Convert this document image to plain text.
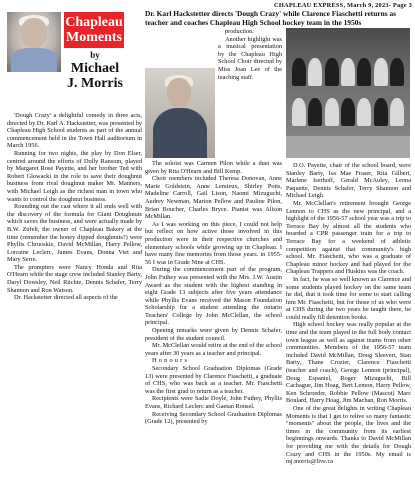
CHAPLEAU EXPRESS, March 9, 2023- Page 3
Chapleau Moments
by
Michael J. Morris
Dr. Karl Hackstetter directs 'Dough Crazy' while Clarence Fiaschetti returns as teacher and coaches Chapleau High School hockey team in the 1950s

'Dough Crazy' a delightful comedy in three acts, directed by Dr. Karl A. Hackstetter, was presented by Chapleau High School students as part of the annual commencement held in the Town Hall auditorium in March 1956.

Running for two nights, the play by Don Elser, centred around the efforts of Dolly Ransom, played by Margaret Rose Payette, and her brother Ted with Robert Glowacki in the role to save their doughnut business from rival doughnut maker Mr. Manners, with Michael Leigh as the richest man in town who wants to control the doughnut business.

Rounding out the cast where it all ends well with the discovery of the formula for Giant Doughnuts which saves the business, and were actually made by B.W. Zufelt, the owner of Chapleau Bakery at the time (remember the honey dipped doughnuts?) were Phyllis Chruoskie, David McMillan, Harry Pellow, Lorraine Leclerc, James Evans, Donna Viet and Mary Serre.

The prompters were Nancy Honda and Rita O'Hearn while the stage crew included Stanley Barty, Daryl Dowsley, Neil Ritchie, Dennis Schafer, Terry Shannon and Ron Watson.

Dr. Hackstetter directed all aspects of the

production.

Another highlight was a musical presentation by the Chapleau High School Choir directed by Miss Joan Lee of the teaching staff.

The soloist was Carmen Pilon while a duet was given by Rita O'Hearn and Bill Kemp.

Choir members included Theresa Donovan, Anne Marie Goldstein, Anne Lemieux, Shirley Potts, Madeline Carroll, Gail Lison, Naomi Mizuguchi, Audrey Newman, Marion Pellow and Pauline Pilon, Brian Boucher, Charles Bryce. Pianist was Alison McMillan.

As I was working on this piece, I could not help but reflect on how active those involved in this production were in their respective churches and elementary schools while growing up in Chapleau. I have many fine memories from those years. in 1955-56 I was in Grade Nine at CHS.

During the commencement part of the program, John Futhey was presented with the Mrs. J.W. Austin Award as the student with the highest standing in eight Grade 13 subjects after five years attendance while Phyllis Evans received the Mason Foundation Scholarship for a student attending the ontario Teachers' College by John McClellan, the school principal.

Opening remarks were given by Dennis Schafer, president of the student council.

Mr. McClellan would retire at the end of the school years after 30 years as a teacher and principal.

Honours

Secondary School Graduation Diplomas (Grade 13) were presented by Clarence Fiaschetti, a graduate of CHS, who was back as a teacher. Mr. Fiaschetti was the first grad to return as a teacher.

Recipients were Sadie Doyle, John Futhey, Phyllis Evans, Richard Leclerc and Gaetan Rousel.

Receiving Secondary School Graduation Diplomas (Grade 12), presented by

D.O. Payette, chair of the school board, were Stanley Barty, Isa Mae Fraser, Rita Gilbert, Marlene Iserhoff, Gerald McAuley, Leona Paquette, Dennis Schafer, Terry Shannon and Michael Leigh.

Mr. McClellan's retirement brought George Lennon to CHS as the new principal, and a highlight of the 1956-57 school year was a trip to Terrace Bay by almost all the students who boarded a CPR passenger train for a trip to Terrace Bay for a weekend of athletic competition against that community's high school. Mr. Fiaschetti, who was a graduate of Chapleau minor hockey and had played for the Chapleau Trappers and Huskies was the coach.

In fact, he was so well known as Clarence and some students played hockey on the same team he did, that it took time for some to start calling him Mr. Fiaschetti, but for those of us who were at CHS during the two years he taught there, he could really fill detention books.

High school hockey was really popular at the time and the team played in the full body contact town league as well as against teams from other communities. Members of the 1956-57 team included David McMillan, Doug Sleevert, Stan Barty, Thane Crozier, Clarence Fiaschetti (teacher and coach), George Lennon (principal), Doug Espaniel, Roger Mizuguchi, Bill Cachague, Jim Hoag, Bert Lemon, Harry Pellow, Ken Schroeder, Robbie Pellow (Mascot) Marc Boulard, Harry Hoag, Jim Machan, Ron Morris.

One of the great delights in writing Chapleau Moments is that I get to relive so many fantastic "moments" about the people, the lives and the times in the community from its earliest beginnings onwards. Thanks to David McMillan for providing me with the details for Dough Crazy and CHS in the 1950s. My email is mj.morris@live.ca
